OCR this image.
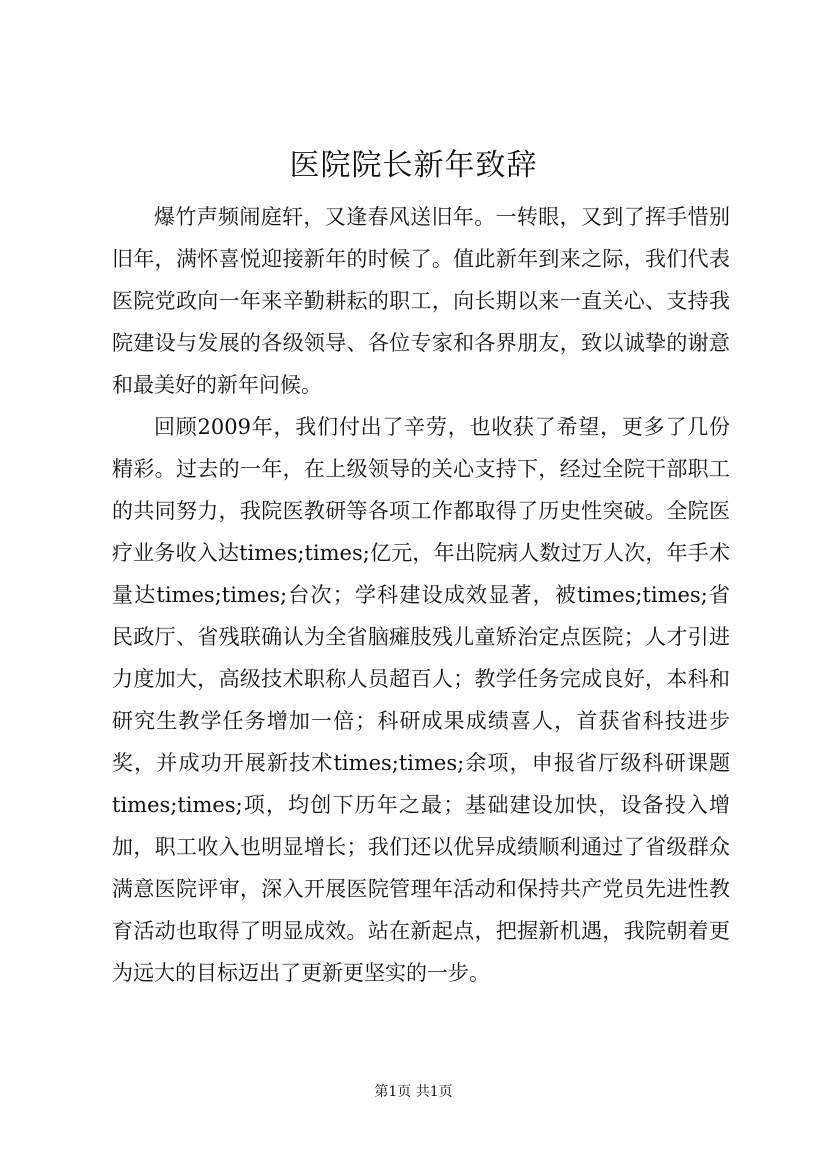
医院院长新年致辞

爆竹声频闹庭轩，又逢春风送旧年。一转眼，又到了挥手惜别旧年，满怀喜悦迎接新年的时候了。值此新年到来之际，我们代表医院党政向一年来辛勤耕耘的职工，向长期以来一直关心、支持我院建设与发展的各级领导、各位专家和各界朋友，致以诚挚的谢意和最美好的新年问候。

回顾2009年，我们付出了辛劳，也收获了希望，更多了几份精彩。过去的一年，在上级领导的关心支持下，经过全院干部职工的共同努力，我院医教研等各项工作都取得了历史性突破。全院医疗业务收入达times;times;亿元，年出院病人数过万人次，年手术量达times;times;台次；学科建设成效显著，被times;times;省民政厅、省残联确认为全省脑瘫肢残儿童矫治定点医院；人才引进力度加大，高级技术职称人员超百人；教学任务完成良好，本科和研究生教学任务增加一倍；科研成果成绩喜人，首获省科技进步奖，并成功开展新技术times;times;余项，申报省厅级科研课题times;times;项，均创下历年之最；基础建设加快，设备投入增加，职工收入也明显增长；我们还以优异成绩顺利通过了省级群众满意医院评审，深入开展医院管理年活动和保持共产党员先进性教育活动也取得了明显成效。站在新起点，把握新机遇，我院朝着更为远大的目标迈出了更新更坚实的一步。

第1页 共1页
